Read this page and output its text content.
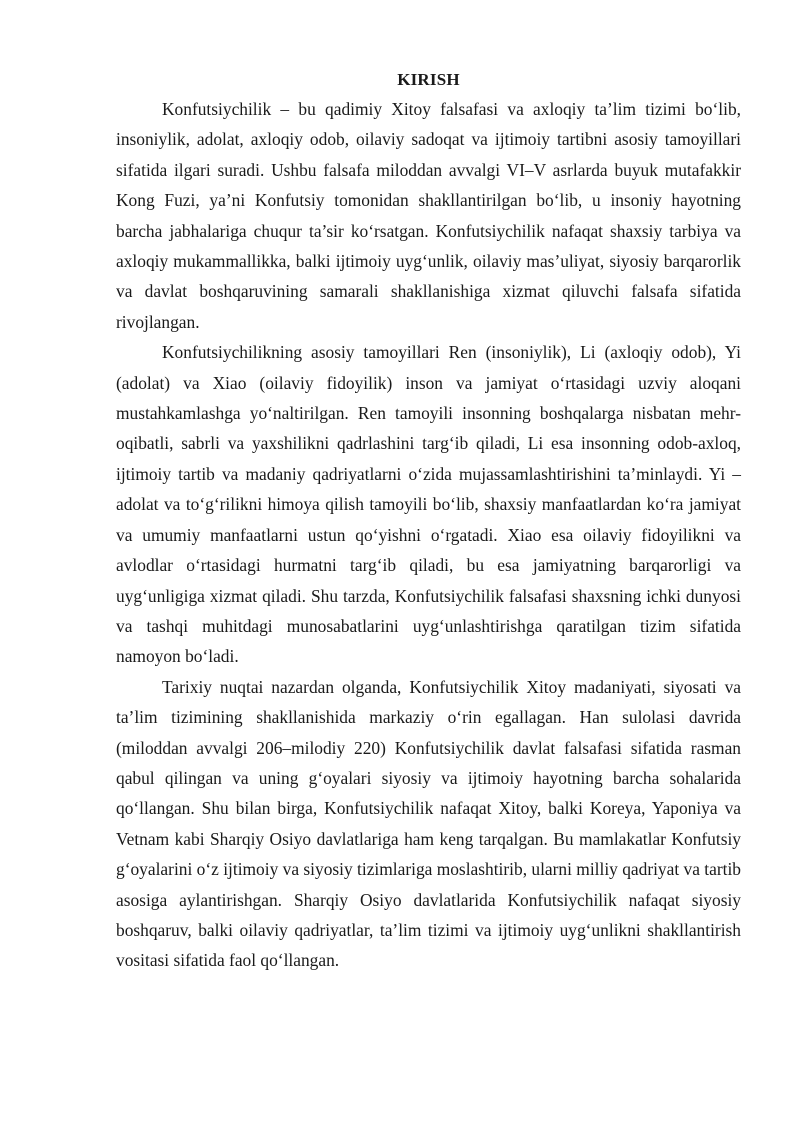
KIRISH

Konfutsiychilik – bu qadimiy Xitoy falsafasi va axloqiy ta’lim tizimi bo‘lib, insoniylik, adolat, axloqiy odob, oilaviy sadoqat va ijtimoiy tartibni asosiy tamoyillari sifatida ilgari suradi. Ushbu falsafa miloddan avvalgi VI–V asrlarda buyuk mutafakkir Kong Fuzi, ya’ni Konfutsiy tomonidan shakllantirilgan bo‘lib, u insoniy hayotning barcha jabhalariga chuqur ta’sir ko‘rsatgan. Konfutsiychilik nafaqat shaxsiy tarbiya va axloqiy mukammallikka, balki ijtimoiy uyg‘unlik, oilaviy mas’uliyat, siyosiy barqarorlik va davlat boshqaruvining samarali shakllanishiga xizmat qiluvchi falsafa sifatida rivojlangan.

Konfutsiychilikning asosiy tamoyillari Ren (insoniylik), Li (axloqiy odob), Yi (adolat) va Xiao (oilaviy fidoyilik) inson va jamiyat o‘rtasidagi uzviy aloqani mustahkamlashga yo‘naltirilgan. Ren tamoyili insonning boshqalarga nisbatan mehr-oqibatli, sabrli va yaxshilikni qadrlashini targ‘ib qiladi, Li esa insonning odob-axloq, ijtimoiy tartib va madaniy qadriyatlarni o‘zida mujassamlashtirishini ta’minlaydi. Yi – adolat va to‘g‘rilikni himoya qilish tamoyili bo‘lib, shaxsiy manfaatlardan ko‘ra jamiyat va umumiy manfaatlarni ustun qo‘yishni o‘rgatadi. Xiao esa oilaviy fidoyilikni va avlodlar o‘rtasidagi hurmatni targ‘ib qiladi, bu esa jamiyatning barqarorligi va uyg‘unligiga xizmat qiladi. Shu tarzda, Konfutsiychilik falsafasi shaxsning ichki dunyosi va tashqi muhitdagi munosabatlarini uyg‘unlashtirishga qaratilgan tizim sifatida namoyon bo‘ladi.

Tarixiy nuqtai nazardan olganda, Konfutsiychilik Xitoy madaniyati, siyosati va ta’lim tizimining shakllanishida markaziy o‘rin egallagan. Han sulolasi davrida (miloddan avvalgi 206–milodiy 220) Konfutsiychilik davlat falsafasi sifatida rasman qabul qilingan va uning g‘oyalari siyosiy va ijtimoiy hayotning barcha sohalarida qo‘llangan. Shu bilan birga, Konfutsiychilik nafaqat Xitoy, balki Koreya, Yaponiya va Vetnam kabi Sharqiy Osiyo davlatlariga ham keng tarqalgan. Bu mamlakatlar Konfutsiy g‘oyalarini o‘z ijtimoiy va siyosiy tizimlariga moslashtirib, ularni milliy qadriyat va tartib asosiga aylantirishgan. Sharqiy Osiyo davlatlarida Konfutsiychilik nafaqat siyosiy boshqaruv, balki oilaviy qadriyatlar, ta’lim tizimi va ijtimoiy uyg‘unlikni shakllantirish vositasi sifatida faol qo‘llangan.
